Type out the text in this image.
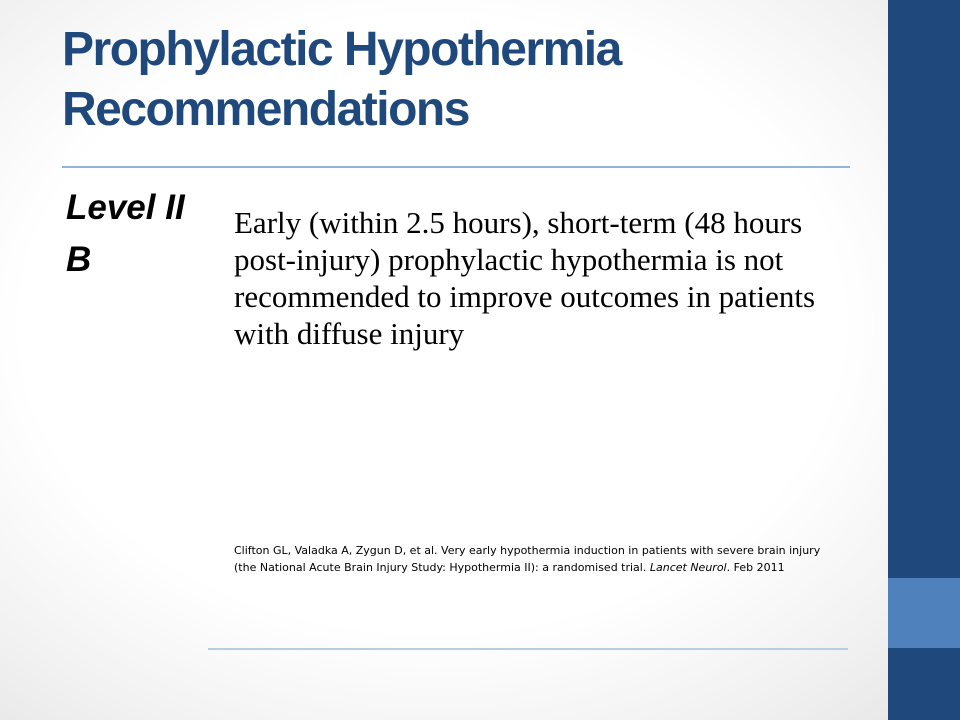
Prophylactic Hypothermia Recommendations
Level II B
Early (within 2.5 hours), short-term (48 hours post-injury) prophylactic hypothermia is not recommended to improve outcomes in patients with diffuse injury
Clifton GL, Valadka A, Zygun D, et al. Very early hypothermia induction in patients with severe brain injury (the National Acute Brain Injury Study: Hypothermia II): a randomised trial. Lancet Neurol. Feb 2011
